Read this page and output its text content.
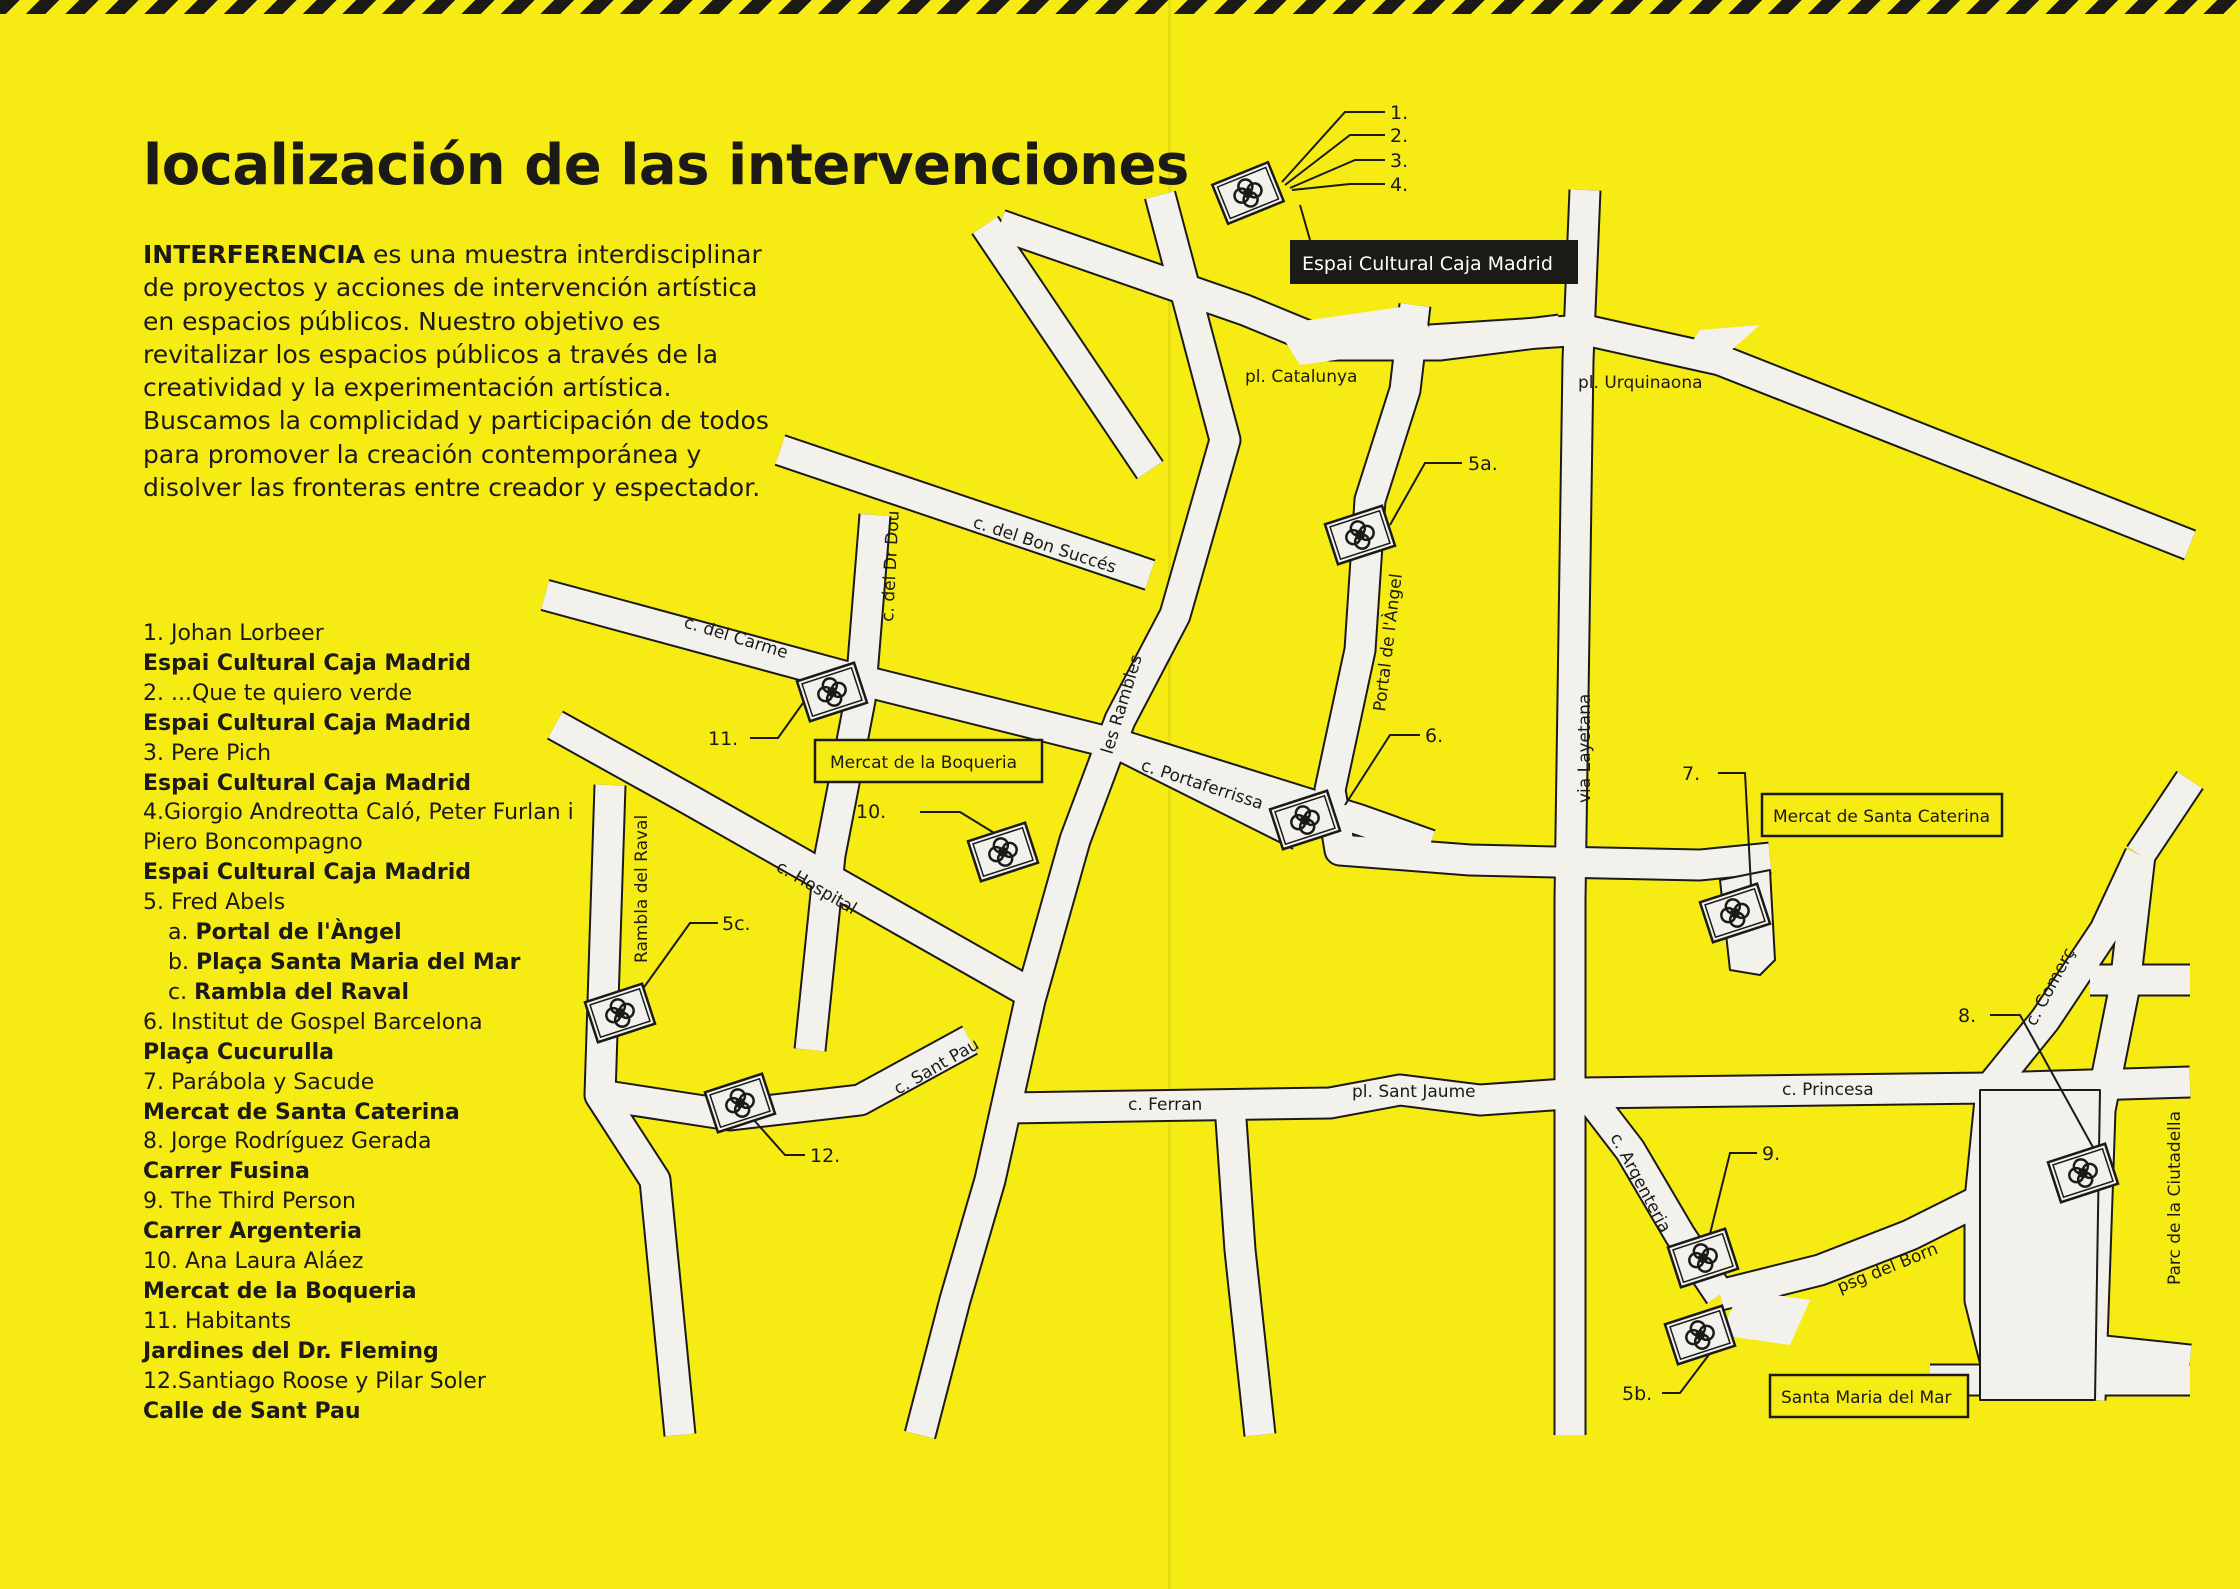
localización de las intervenciones

INTERFERENCIA es una muestra interdisciplinar de proyectos y acciones de intervención artística en espacios públicos. Nuestro objetivo es revitalizar los espacios públicos a través de la creatividad y la experimentación artística. Buscamos la complicidad y participación de todos para promover la creación contemporánea y disolver las fronteras entre creador y espectador.

1. Johan Lorbeer
Espai Cultural Caja Madrid
2. ...Que te quiero verde
Espai Cultural Caja Madrid
3. Pere Pich
Espai Cultural Caja Madrid
4.Giorgio Andreotta Caló, Peter Furlan i
Piero Boncompagno
Espai Cultural Caja Madrid
5. Fred Abels
a. Portal de l'Àngel
b. Plaça Santa Maria del Mar
c. Rambla del Raval
6. Institut de Gospel Barcelona
Plaça Cucurulla
7. Parábola y Sacude
Mercat de Santa Caterina
8. Jorge Rodríguez Gerada
Carrer Fusina
9. The Third Person
Carrer Argenteria
10. Ana Laura Aláez
Mercat de la Boqueria
11. Habitants
Jardines del Dr. Fleming
12.Santiago Roose y Pilar Soler
Calle de Sant Pau
pl. Catalunya	pl. Urquinaona
c. del Bon Succés
c. del Dr Dou
c. del Carme
les Rambles	Portal de l'Àngel
via Layetana
c. Portaferrissa
c. Hospital
Rambla del Raval
c. Sant Pau
c. Ferran
pl. Sant Jaume	c. Princesa
c. Comerç
c. Argenteria
psg del Born	Parc de la Ciutadella
Espai Cultural Caja Madrid
Mercat de la Boqueria
Mercat de Santa Caterina
Santa Maria del Mar
1.
2.
3.
4.
5a.
5b.
5c.
6.
7.
8.
9.
10.
11.
12.
